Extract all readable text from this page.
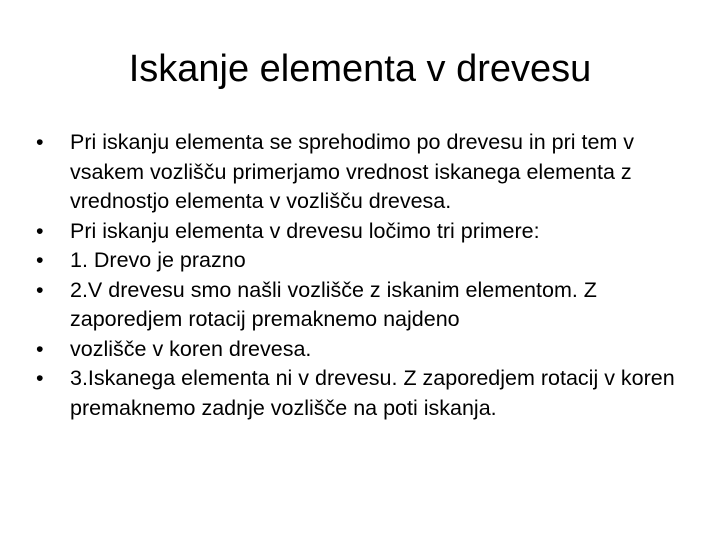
Iskanje elementa v drevesu
•	Pri iskanju elementa se sprehodimo po drevesu in pri tem v vsakem vozlišču primerjamo vrednost iskanega elementa z vrednostjo elementa v vozlišču drevesa.
•	Pri iskanju elementa v drevesu ločimo tri primere:
•	1. Drevo je prazno
•	2.V drevesu smo našli vozlišče z iskanim elementom. Z zaporedjem rotacij premaknemo najdeno
•	vozlišče v koren drevesa.
•	3.Iskanega elementa ni v drevesu. Z zaporedjem rotacij v koren premaknemo zadnje vozlišče na poti iskanja.
